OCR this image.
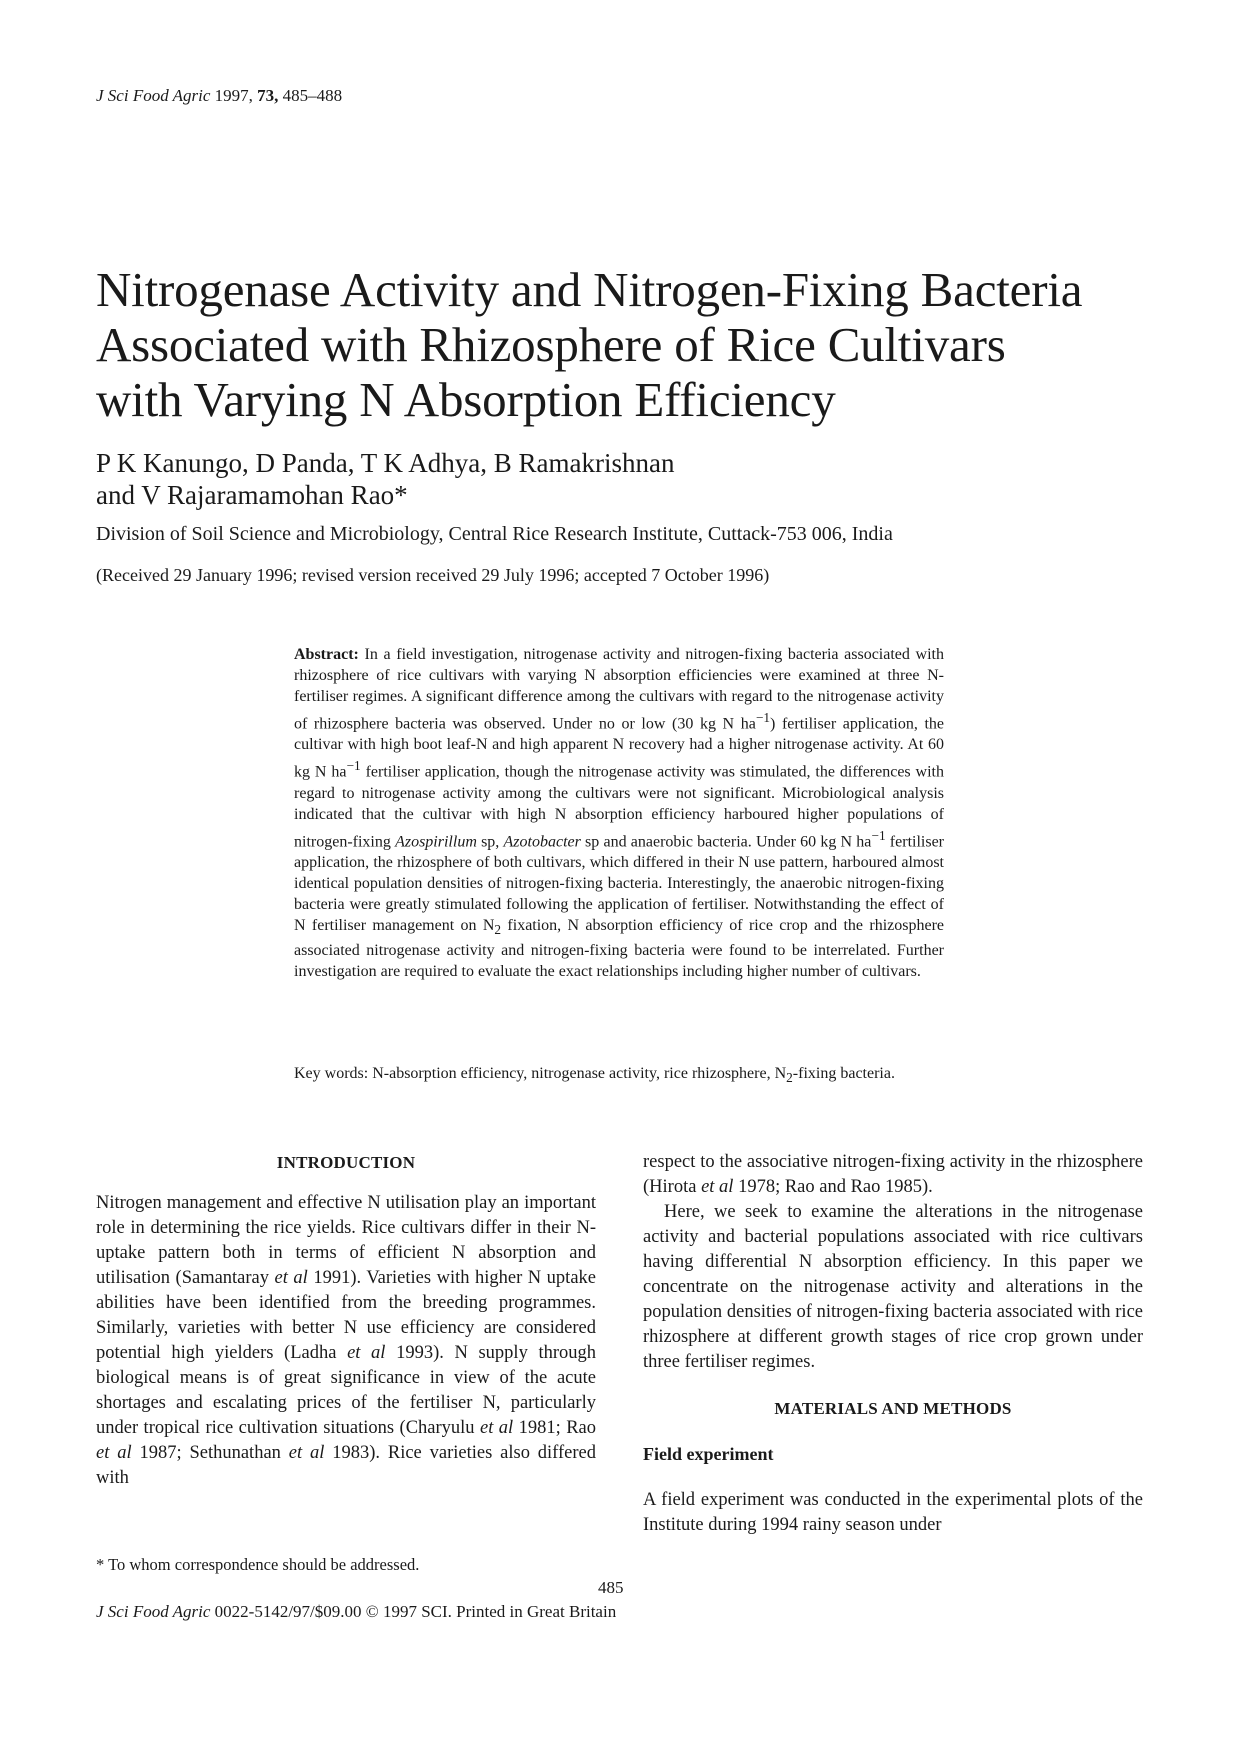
J Sci Food Agric 1997, 73, 485–488
Nitrogenase Activity and Nitrogen-Fixing Bacteria
Associated with Rhizosphere of Rice Cultivars
with Varying N Absorption Efficiency
P K Kanungo, D Panda, T K Adhya, B Ramakrishnan
and V Rajaramamohan Rao*
Division of Soil Science and Microbiology, Central Rice Research Institute, Cuttack-753 006, India
(Received 29 January 1996; revised version received 29 July 1996; accepted 7 October 1996)
Abstract: In a field investigation, nitrogenase activity and nitrogen-fixing bacteria associated with rhizosphere of rice cultivars with varying N absorption efficiencies were examined at three N-fertiliser regimes. A significant difference among the cultivars with regard to the nitrogenase activity of rhizosphere bacteria was observed. Under no or low (30 kg N $ha^{-1}$) fertiliser application, the cultivar with high boot leaf-N and high apparent N recovery had a higher nitrogenase activity. At 60 kg N $ha^{-1}$ fertiliser application, though the nitrogenase activity was stimulated, the differences with regard to nitrogenase activity among the cultivars were not significant. Microbiological analysis indicated that the cultivar with high N absorption efficiency harboured higher populations of nitrogen-fixing Azospirillum sp, Azotobacter sp and anaerobic bacteria. Under 60 kg N $ha^{-1}$ fertiliser application, the rhizosphere of both cultivars, which differed in their N use pattern, harboured almost identical population densities of nitrogen-fixing bacteria. Interestingly, the anaerobic nitrogen-fixing bacteria were greatly stimulated following the application of fertiliser. Notwithstanding the effect of N fertiliser management on $N_2$ fixation, N absorption efficiency of rice crop and the rhizosphere associated nitrogenase activity and nitrogen-fixing bacteria were found to be interrelated. Further investigation are required to evaluate the exact relationships including higher number of cultivars.
Key words: N-absorption efficiency, nitrogenase activity, rice rhizosphere, $N_2$-fixing bacteria.

INTRODUCTION

Nitrogen management and effective N utilisation play an important role in determining the rice yields. Rice cultivars differ in their N-uptake pattern both in terms of efficient N absorption and utilisation (Samantaray et al 1991). Varieties with higher N uptake abilities have been identified from the breeding programmes. Similarly, varieties with better N use efficiency are considered potential high yielders (Ladha et al 1993). N supply through biological means is of great significance in view of the acute shortages and escalating prices of the fertiliser N, particularly under tropical rice cultivation situations (Charyulu et al 1981; Rao et al 1987; Sethunathan et al 1983). Rice varieties also differed with

respect to the associative nitrogen-fixing activity in the rhizosphere (Hirota et al 1978; Rao and Rao 1985).

Here, we seek to examine the alterations in the nitrogenase activity and bacterial populations associated with rice cultivars having differential N absorption efficiency. In this paper we concentrate on the nitrogenase activity and alterations in the population densities of nitrogen-fixing bacteria associated with rice rhizosphere at different growth stages of rice crop grown under three fertiliser regimes.

MATERIALS AND METHODS

Field experiment

A field experiment was conducted in the experimental plots of the Institute during 1994 rainy season under

* To whom correspondence should be addressed.
485
J Sci Food Agric 0022-5142/97/$09.00 © 1997 SCI. Printed in Great Britain
